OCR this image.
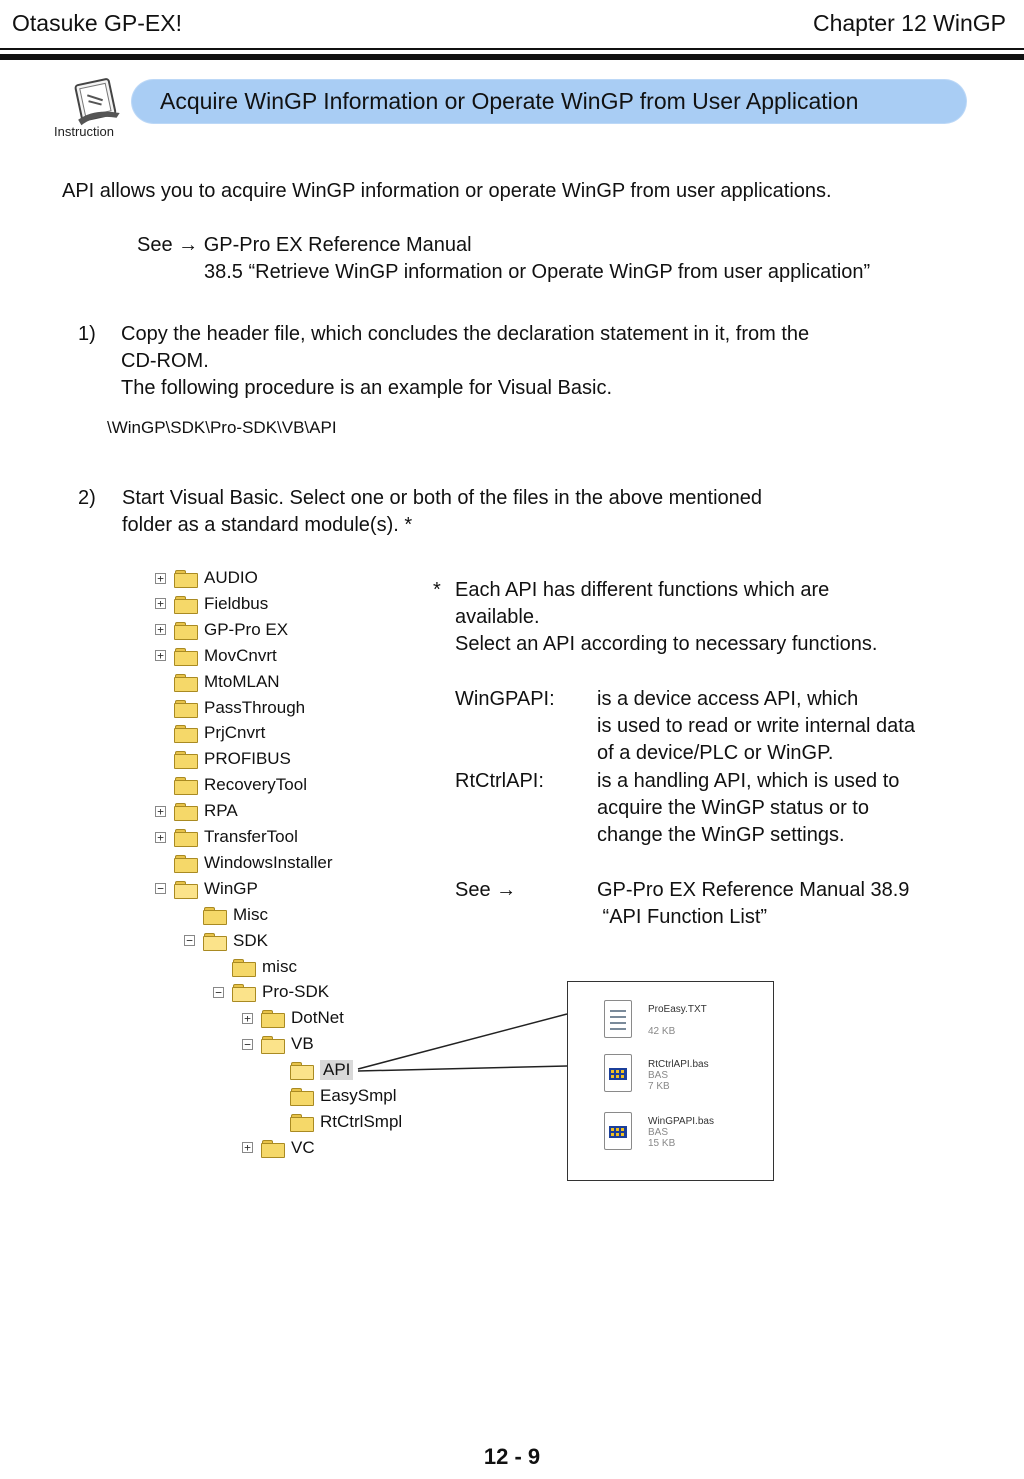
Otasuke GP-EX!	Chapter 12 WinGP
Instruction
Acquire WinGP Information or Operate WinGP from User Application
API allows you to acquire WinGP information or operate WinGP from user applications.
See → GP-Pro EX Reference Manual
38.5 “Retrieve WinGP information or Operate WinGP from user application”
1) Copy the header file, which concludes the declaration statement in it, from the
CD-ROM.
The following procedure is an example for Visual Basic.
\WinGP\SDK\Pro-SDK\VB\API
2) Start Visual Basic. Select one or both of the files in the above mentioned
folder as a standard module(s). *
+ AUDIO
+ Fieldbus
+ GP-Pro EX
+ MovCnvrt
MtoMLAN
PassThrough
PrjCnvrt
PROFIBUS
RecoveryTool
+ RPA
+ TransferTool
WindowsInstaller
− WinGP
Misc
− SDK
misc
− Pro-SDK
+ DotNet
− VB
API
EasySmpl
RtCtrlSmpl
+ VC
* Each API has different functions which are
available.
Select an API according to necessary functions.
WinGPAPI: is a device access API, which
is used to read or write internal data
of a device/PLC or WinGP.
RtCtrlAPI:	is a handling API, which is used to
acquire the WinGP status or to
change the WinGP settings.
See →	GP-Pro EX Reference Manual 38.9
“API Function List”
ProEasy.TXT
42 KB
RtCtrlAPI.bas
BAS
7 KB
WinGPAPI.bas
BAS
15 KB
12 - 9
